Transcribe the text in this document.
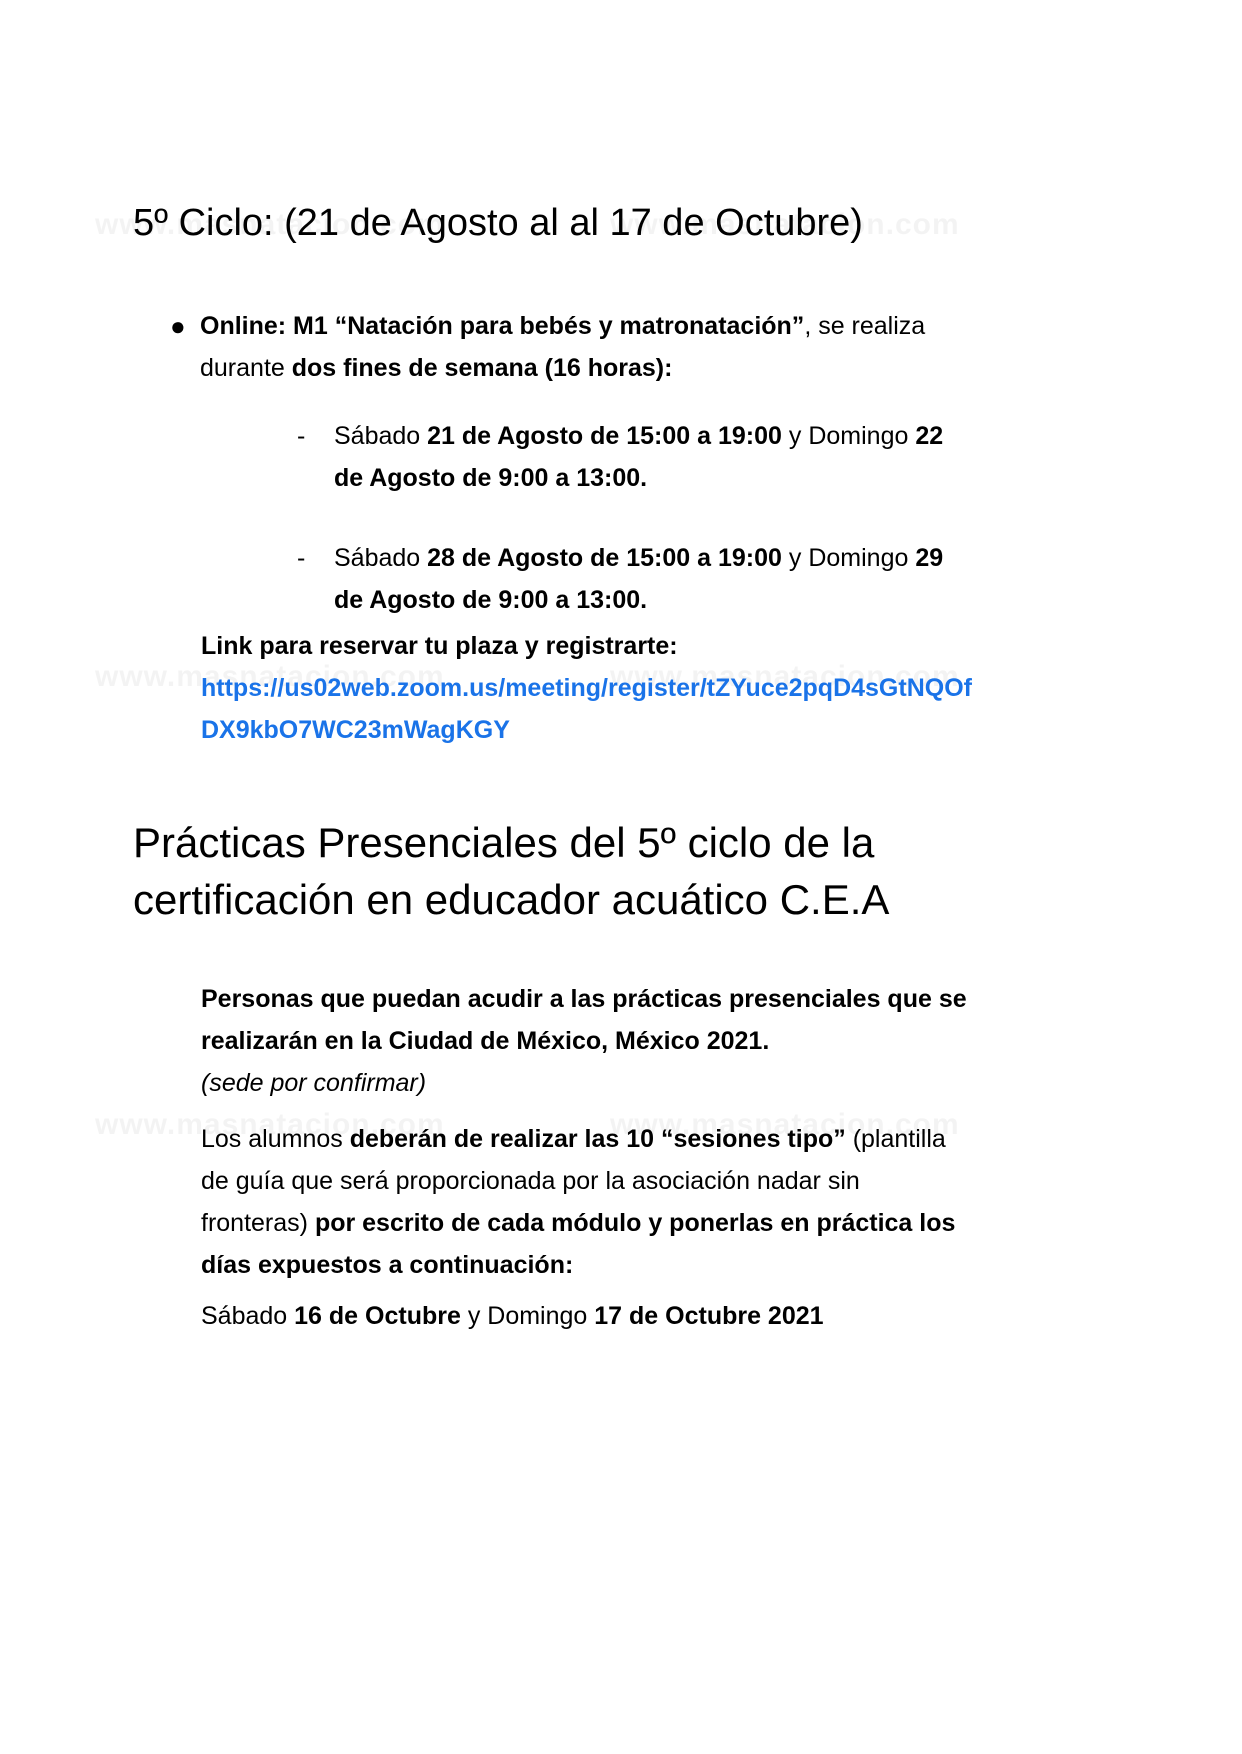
5º Ciclo: (21 de Agosto al al 17 de Octubre)
● Online: M1 “Natación para bebés y matronatación”, se realiza durante dos fines de semana (16 horas):
-	Sábado 21 de Agosto de 15:00 a 19:00 y Domingo 22 de Agosto de 9:00 a 13:00.
-	Sábado 28 de Agosto de 15:00 a 19:00 y Domingo 29 de Agosto de 9:00 a 13:00.
Link para reservar tu plaza y registrarte:
https://us02web.zoom.us/meeting/register/tZYuce2pqD4sGtNQOfDX9kbO7WC23mWagKGY
Prácticas Presenciales del 5º ciclo de la certificación en educador acuático C.E.A
Personas que puedan acudir a las prácticas presenciales que se realizarán en la Ciudad de México, México 2021.
(sede por confirmar)
Los alumnos deberán de realizar las 10 “sesiones tipo” (plantilla de guía que será proporcionada por la asociación nadar sin fronteras) por escrito de cada módulo y ponerlas en práctica los días expuestos a continuación:
Sábado 16 de Octubre y Domingo 17 de Octubre 2021
